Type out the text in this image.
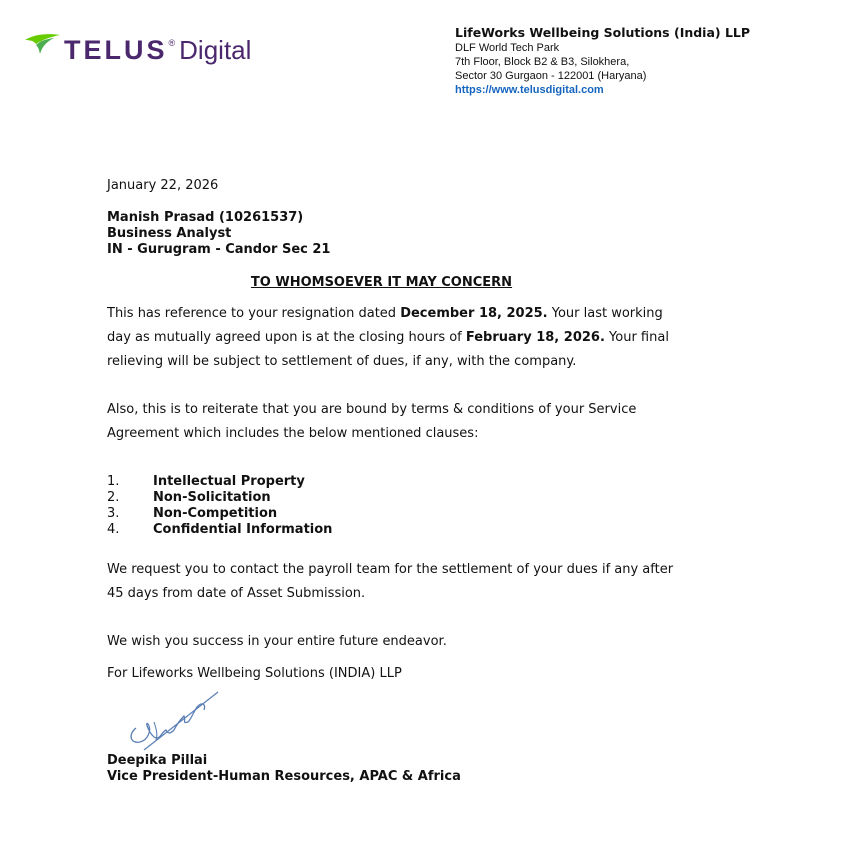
TELUS® Digital
LifeWorks Wellbeing Solutions (India) LLP
DLF World Tech Park
7th Floor, Block B2 & B3, Silokhera,
Sector 30 Gurgaon - 122001 (Haryana)
https://www.telusdigital.com
January 22, 2026
Manish Prasad (10261537)
Business Analyst
IN - Gurugram - Candor Sec 21
TO WHOMSOEVER IT MAY CONCERN
This has reference to your resignation dated December 18, 2025. Your last working
day as mutually agreed upon is at the closing hours of February 18, 2026. Your final
relieving will be subject to settlement of dues, if any, with the company.
Also, this is to reiterate that you are bound by terms & conditions of your Service
Agreement which includes the below mentioned clauses:
1.	Intellectual Property
2.	Non-Solicitation
3.	Non-Competition
4.	Confidential Information
We request you to contact the payroll team for the settlement of your dues if any after
45 days from date of Asset Submission.
We wish you success in your entire future endeavor.
For Lifeworks Wellbeing Solutions (INDIA) LLP
Deepika Pillai
Vice President-Human Resources, APAC & Africa
